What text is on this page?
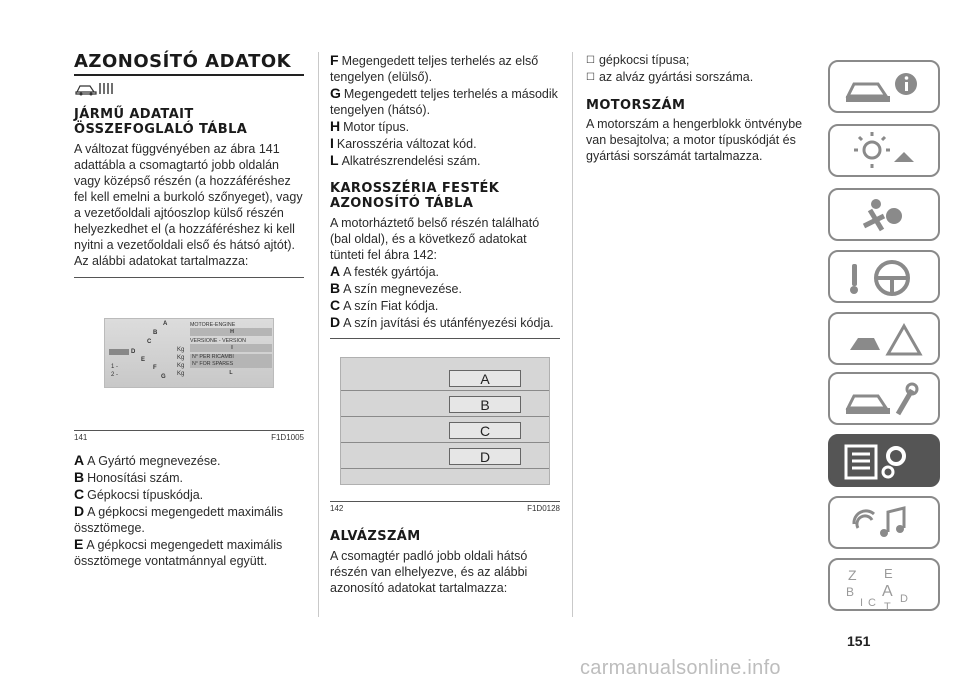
AZONOSÍTÓ ADATOK
JÁRMŰ ADATAIT ÖSSZEFOGLALÓ TÁBLA

A változat függvényében az ábra 141 adattábla a csomagtartó jobb oldalán vagy középső részén (a hozzáféréshez fel kell emelni a burkoló szőnyeget), vagy a vezetőoldali ajtóoszlop külső részén helyezkedhet el (a hozzáféréshez ki kell nyitni a vezetőoldali első és hátsó ajtót). Az alábbi adatokat tartalmazza:

A
B
C
D
E
F
G
1 -
2 -
Kg
Kg
Kg
Kg
MOTORE-ENGINE
H
VERSIONE - VERSION
I
N° PER RICAMBI
N° FOR SPARES
L
141	F1D1005
A A Gyártó megnevezése.
B Honosítási szám.
C Gépkocsi típuskódja.
D A gépkocsi megengedett maximális össztömege.
E A gépkocsi megengedett maximális össztömege vontatmánnyal együtt.
F Megengedett teljes terhelés az első tengelyen (elülső).
G Megengedett teljes terhelés a második tengelyen (hátsó).
H Motor típus.
I Karosszéria változat kód.
L Alkatrészrendelési szám.
KAROSSZÉRIA FESTÉK AZONOSÍTÓ TÁBLA

A motorháztető belső részén található (bal oldal), és a következő adatokat tünteti fel ábra 142:

A A festék gyártója.
B A szín megnevezése.
C A szín Fiat kódja.
D A szín javítási és utánfényezési kódja.
A
B
C
D
142	F1D0128
ALVÁZSZÁM

A csomagtér padló jobb oldali hátsó részén van elhelyezve, és az alábbi azonosító adatokat tartalmazza:

☐ gépkocsi típusa;
☐ az alváz gyártási sorszáma.
MOTORSZÁM

A motorszám a hengerblokk öntvénybe van besajtolva; a motor típuskódját és gyártási sorszámát tartalmazza.

Z E
B A D
I C T
151
carmanualsonline.info
